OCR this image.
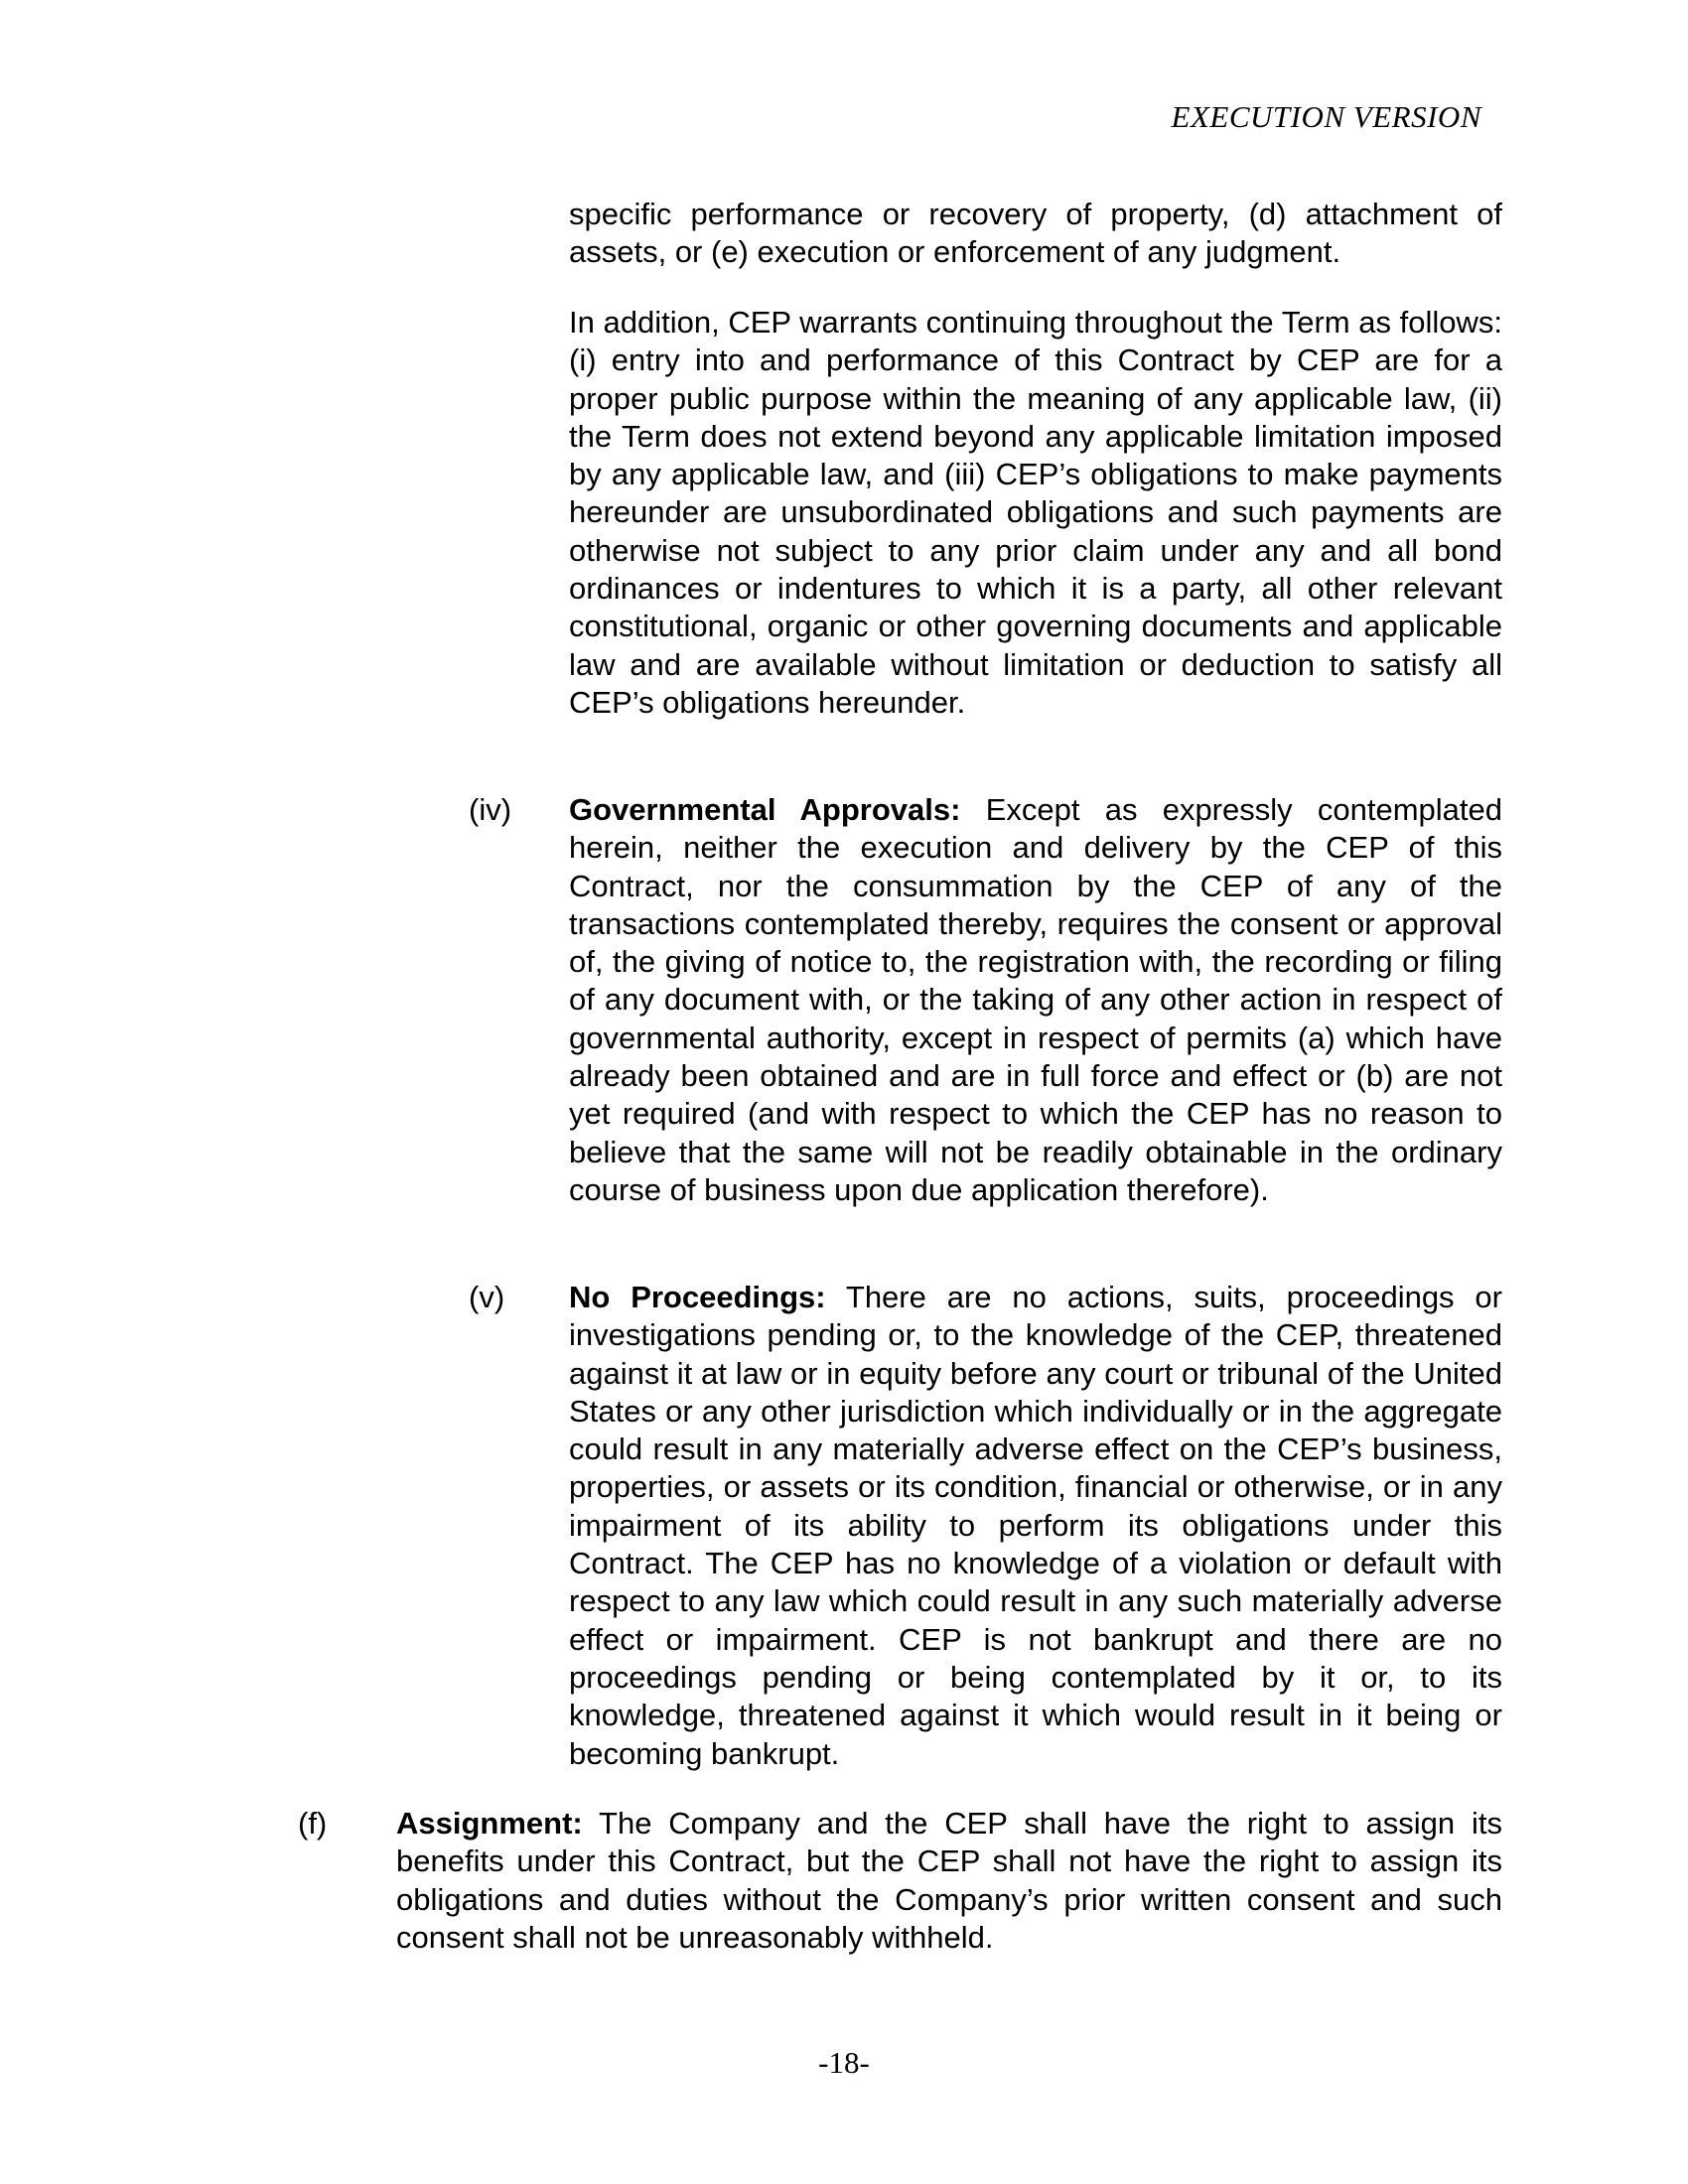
EXECUTION VERSION

specific performance or recovery of property, (d) attachment of assets, or (e) execution or enforcement of any judgment.

In addition, CEP warrants continuing throughout the Term as follows: (i) entry into and performance of this Contract by CEP are for a proper public purpose within the meaning of any applicable law, (ii) the Term does not extend beyond any applicable limitation imposed by any applicable law, and (iii) CEP’s obligations to make payments hereunder are unsubordinated obligations and such payments are otherwise not subject to any prior claim under any and all bond ordinances or indentures to which it is a party, all other relevant constitutional, organic or other governing documents and applicable law and are available without limitation or deduction to satisfy all CEP’s obligations hereunder.

(iv) Governmental Approvals: Except as expressly contemplated herein, neither the execution and delivery by the CEP of this Contract, nor the consummation by the CEP of any of the transactions contemplated thereby, requires the consent or approval of, the giving of notice to, the registration with, the recording or filing of any document with, or the taking of any other action in respect of governmental authority, except in respect of permits (a) which have already been obtained and are in full force and effect or (b) are not yet required (and with respect to which the CEP has no reason to believe that the same will not be readily obtainable in the ordinary course of business upon due application therefore).

(v) No Proceedings: There are no actions, suits, proceedings or investigations pending or, to the knowledge of the CEP, threatened against it at law or in equity before any court or tribunal of the United States or any other jurisdiction which individually or in the aggregate could result in any materially adverse effect on the CEP’s business, properties, or assets or its condition, financial or otherwise, or in any impairment of its ability to perform its obligations under this Contract. The CEP has no knowledge of a violation or default with respect to any law which could result in any such materially adverse effect or impairment. CEP is not bankrupt and there are no proceedings pending or being contemplated by it or, to its knowledge, threatened against it which would result in it being or becoming bankrupt.

(f) Assignment: The Company and the CEP shall have the right to assign its benefits under this Contract, but the CEP shall not have the right to assign its obligations and duties without the Company’s prior written consent and such consent shall not be unreasonably withheld.

-18-
